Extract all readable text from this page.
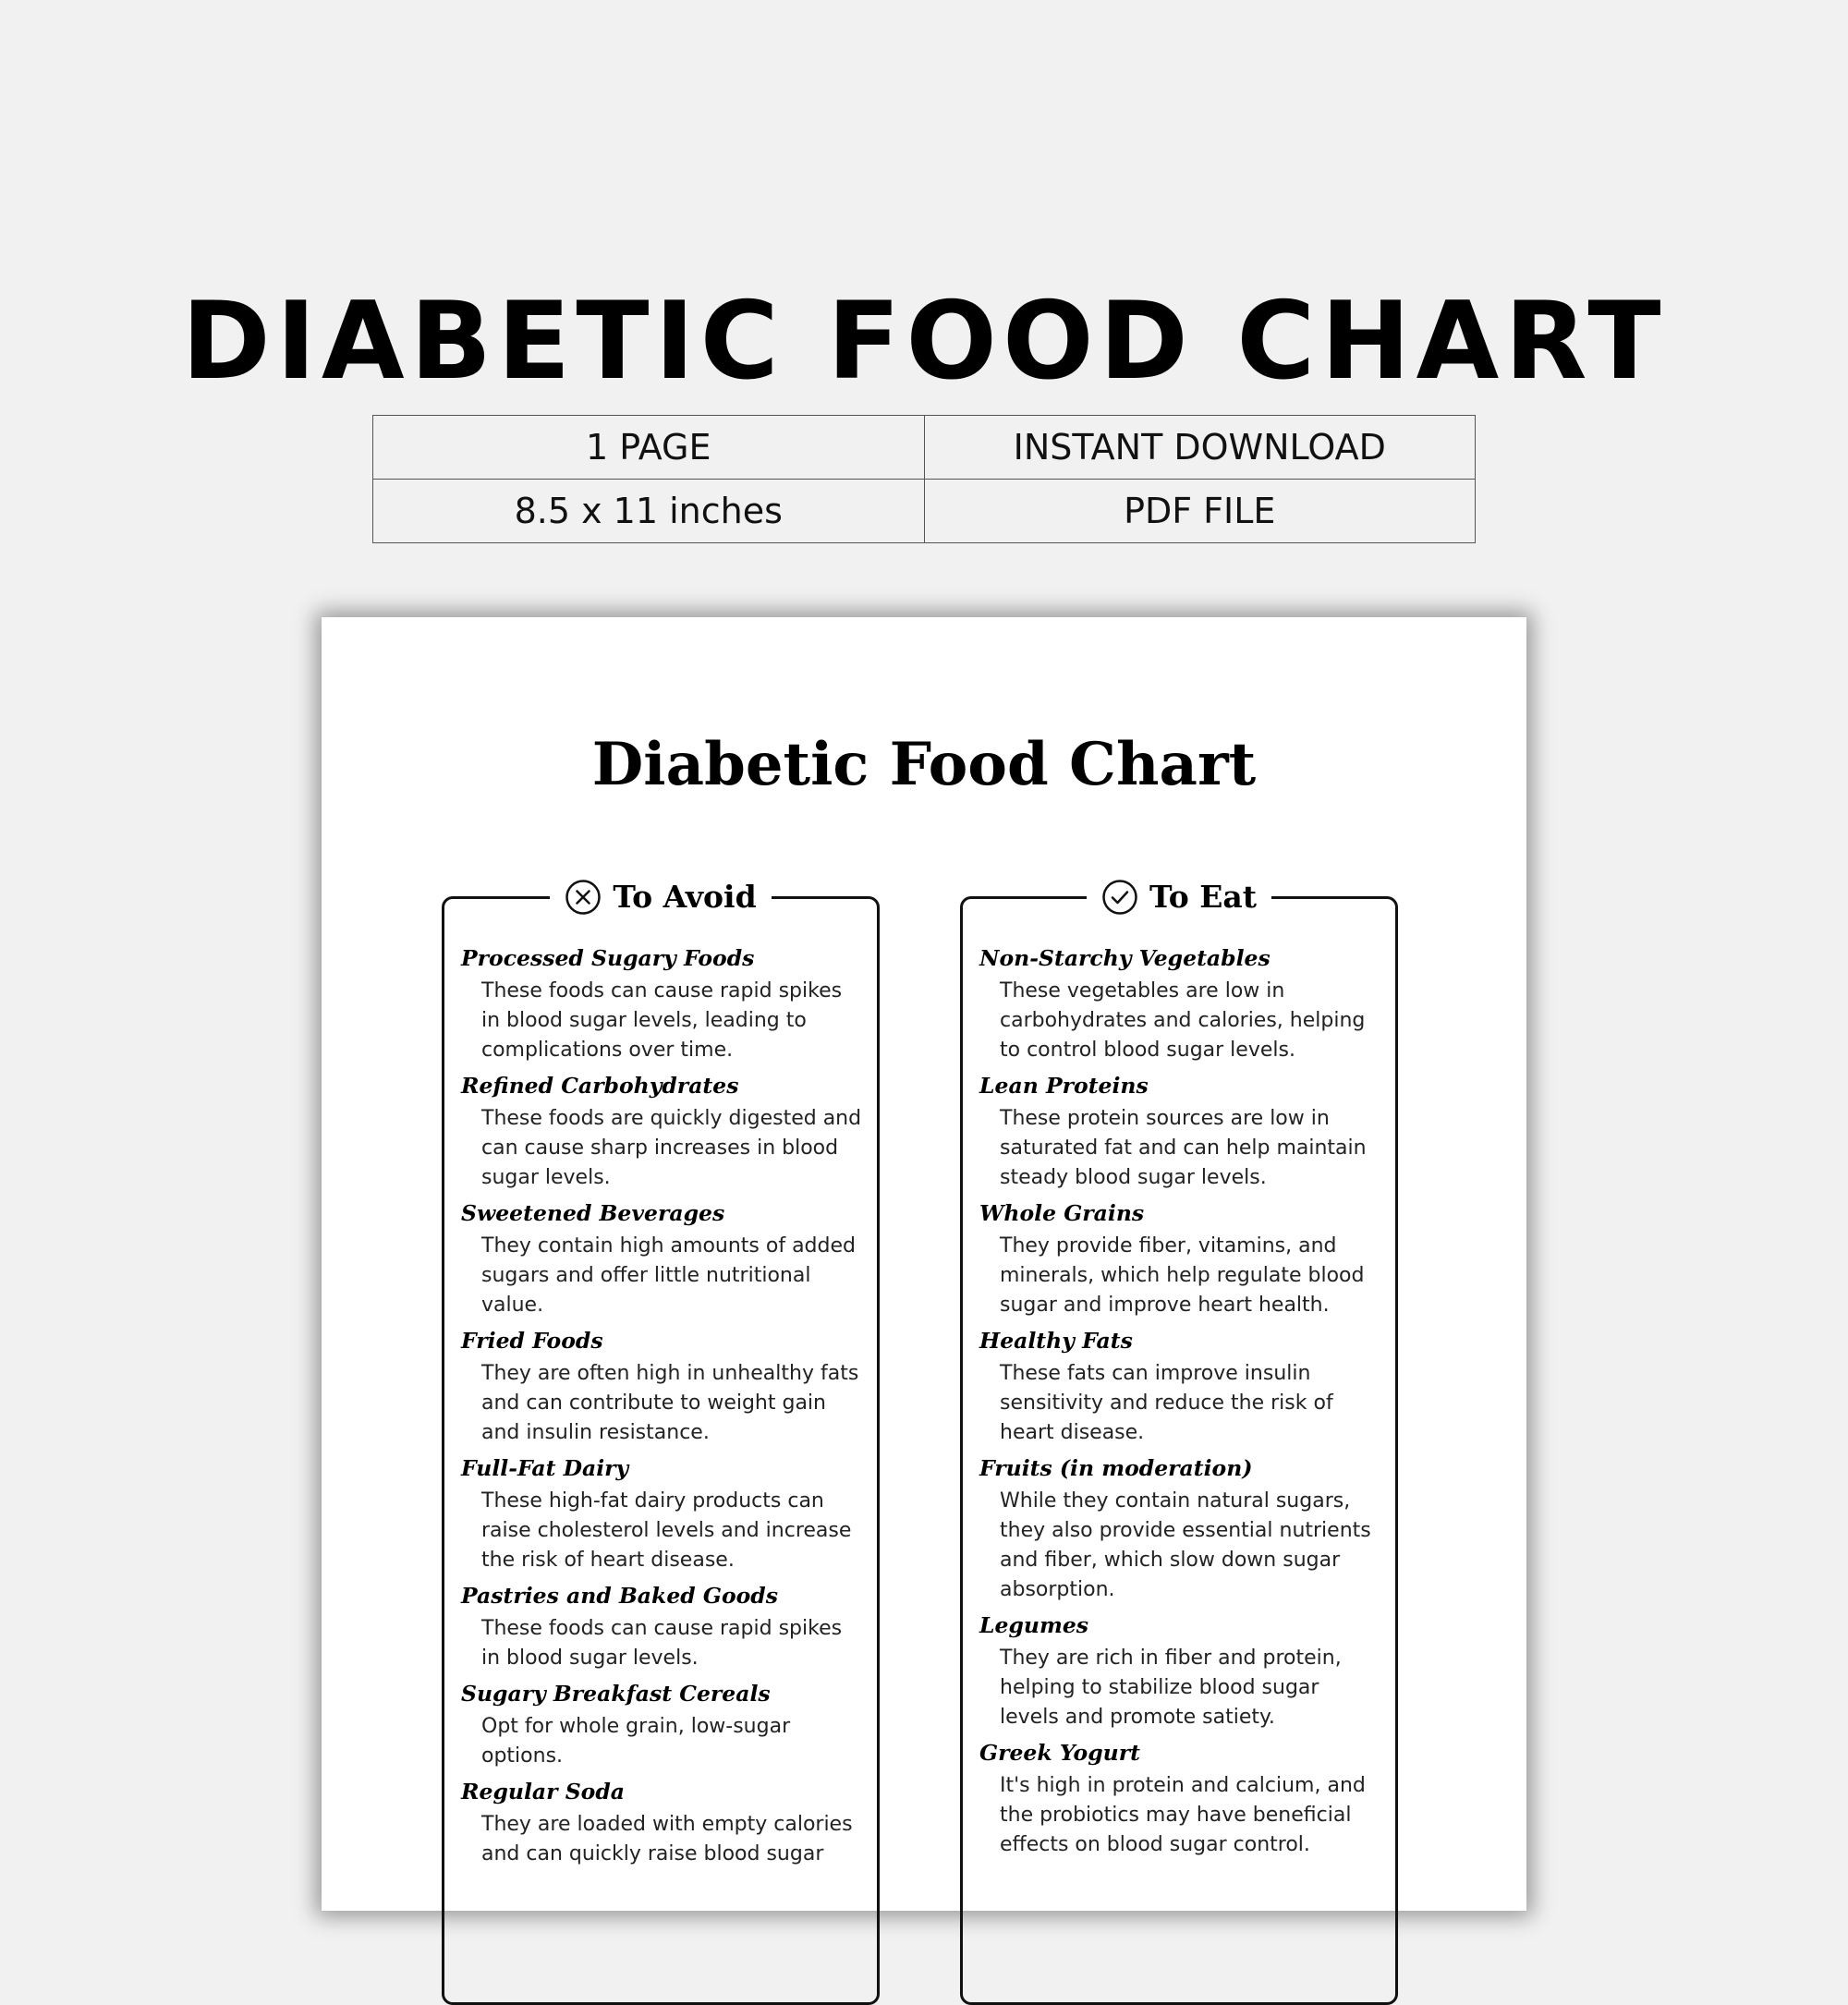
DIABETIC FOOD CHART
1 PAGE	INSTANT DOWNLOAD
8.5 x 11 inches	PDF FILE
Diabetic Food Chart
To Avoid
Processed Sugary Foods
These foods can cause rapid spikes in blood sugar levels, leading to complications over time.
Refined Carbohydrates
These foods are quickly digested and can cause sharp increases in blood sugar levels.
Sweetened Beverages
They contain high amounts of added sugars and offer little nutritional value.
Fried Foods
They are often high in unhealthy fats and can contribute to weight gain and insulin resistance.
Full-Fat Dairy
These high-fat dairy products can raise cholesterol levels and increase the risk of heart disease.
Pastries and Baked Goods
These foods can cause rapid spikes in blood sugar levels.
Sugary Breakfast Cereals
Opt for whole grain, low-sugar options.
Regular Soda
They are loaded with empty calories and can quickly raise blood sugar
To Eat
Non-Starchy Vegetables
These vegetables are low in carbohydrates and calories, helping to control blood sugar levels.
Lean Proteins
These protein sources are low in saturated fat and can help maintain steady blood sugar levels.
Whole Grains
They provide fiber, vitamins, and minerals, which help regulate blood sugar and improve heart health.
Healthy Fats
These fats can improve insulin sensitivity and reduce the risk of heart disease.
Fruits (in moderation)
While they contain natural sugars, they also provide essential nutrients and fiber, which slow down sugar absorption.
Legumes
They are rich in fiber and protein, helping to stabilize blood sugar levels and promote satiety.
Greek Yogurt
It's high in protein and calcium, and the probiotics may have beneficial effects on blood sugar control.
